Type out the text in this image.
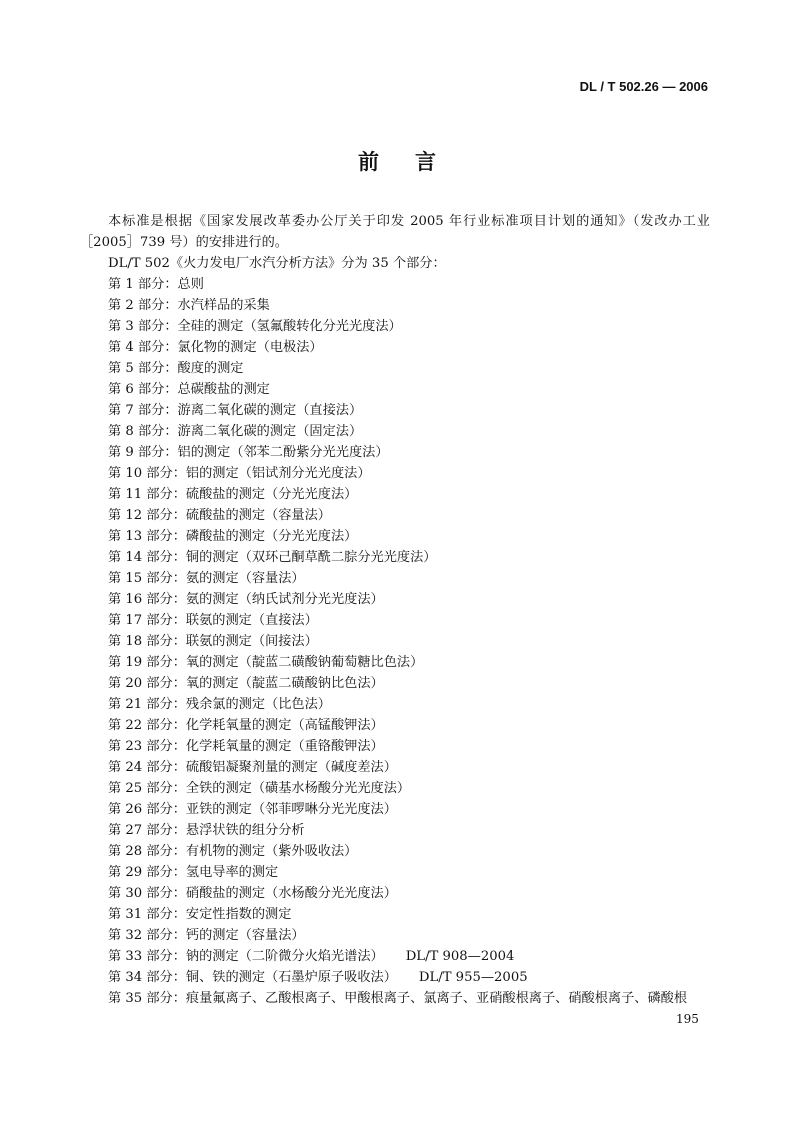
DL / T 502.26 — 2006
前言

本标准是根据《国家发展改革委办公厅关于印发 2005 年行业标准项目计划的通知》（发改办工业［2005］739 号）的安排进行的。

DL/T 502《火力发电厂水汽分析方法》分为 35 个部分：

第 1 部分：总则

第 2 部分：水汽样品的采集

第 3 部分：全硅的测定（氢氟酸转化分光光度法）

第 4 部分：氯化物的测定（电极法）

第 5 部分：酸度的测定

第 6 部分：总碳酸盐的测定

第 7 部分：游离二氧化碳的测定（直接法）

第 8 部分：游离二氧化碳的测定（固定法）

第 9 部分：铝的测定（邻苯二酚紫分光光度法）

第 10 部分：铝的测定（铝试剂分光光度法）

第 11 部分：硫酸盐的测定（分光光度法）

第 12 部分：硫酸盐的测定（容量法）

第 13 部分：磷酸盐的测定（分光光度法）

第 14 部分：铜的测定（双环己酮草酰二腙分光光度法）

第 15 部分：氨的测定（容量法）

第 16 部分：氨的测定（纳氏试剂分光光度法）

第 17 部分：联氨的测定（直接法）

第 18 部分：联氨的测定（间接法）

第 19 部分：氧的测定（靛蓝二磺酸钠葡萄糖比色法）

第 20 部分：氧的测定（靛蓝二磺酸钠比色法）

第 21 部分：残余氯的测定（比色法）

第 22 部分：化学耗氧量的测定（高锰酸钾法）

第 23 部分：化学耗氧量的测定（重铬酸钾法）

第 24 部分：硫酸铝凝聚剂量的测定（碱度差法）

第 25 部分：全铁的测定（磺基水杨酸分光光度法）

第 26 部分：亚铁的测定（邻菲啰啉分光光度法）

第 27 部分：悬浮状铁的组分分析

第 28 部分：有机物的测定（紫外吸收法）

第 29 部分：氢电导率的测定

第 30 部分：硝酸盐的测定（水杨酸分光光度法）

第 31 部分：安定性指数的测定

第 32 部分：钙的测定（容量法）

第 33 部分：钠的测定（二阶微分火焰光谱法） DL/T 908—2004

第 34 部分：铜、铁的测定（石墨炉原子吸收法） DL/T 955—2005

第 35 部分：痕量氟离子、乙酸根离子、甲酸根离子、氯离子、亚硝酸根离子、硝酸根离子、磷酸根

195
